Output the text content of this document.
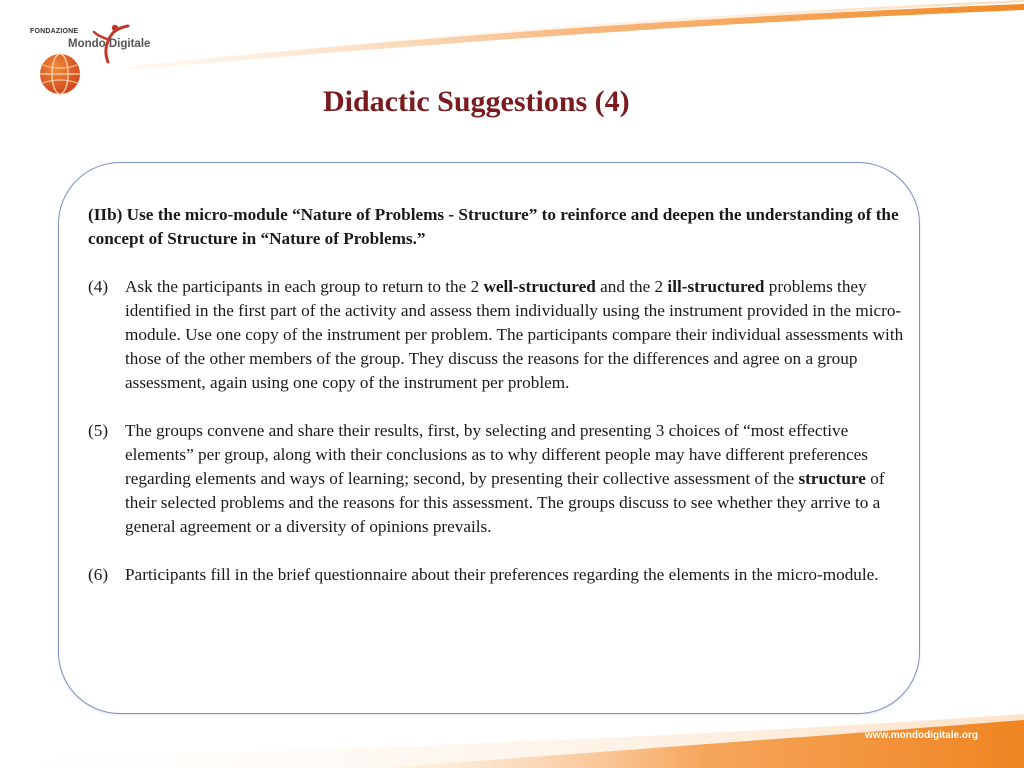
FONDAZIONE
Mondo Digitale
Didactic Suggestions (4)

(IIb) Use the micro-module “Nature of Problems - Structure” to reinforce and deepen the understanding of the concept of Structure in “Nature of Problems.”

(4) Ask the participants in each group to return to the 2 well-structured and the 2 ill-structured problems they identified in the first part of the activity and assess them individually using the instrument provided in the micro-module. Use one copy of the instrument per problem. The participants compare their individual assessments with those of the other members of the group. They discuss the reasons for the differences and agree on a group assessment, again using one copy of the instrument per problem.
(5) The groups convene and share their results, first, by selecting and presenting 3 choices of “most effective elements” per group, along with their conclusions as to why different people may have different preferences regarding elements and ways of learning; second, by presenting their collective assessment of the structure of their selected problems and the reasons for this assessment. The groups discuss to see whether they arrive to a general agreement or a diversity of opinions prevails.
(6) Participants fill in the brief questionnaire about their preferences regarding the elements in the micro-module.
www.mondodigitale.org
